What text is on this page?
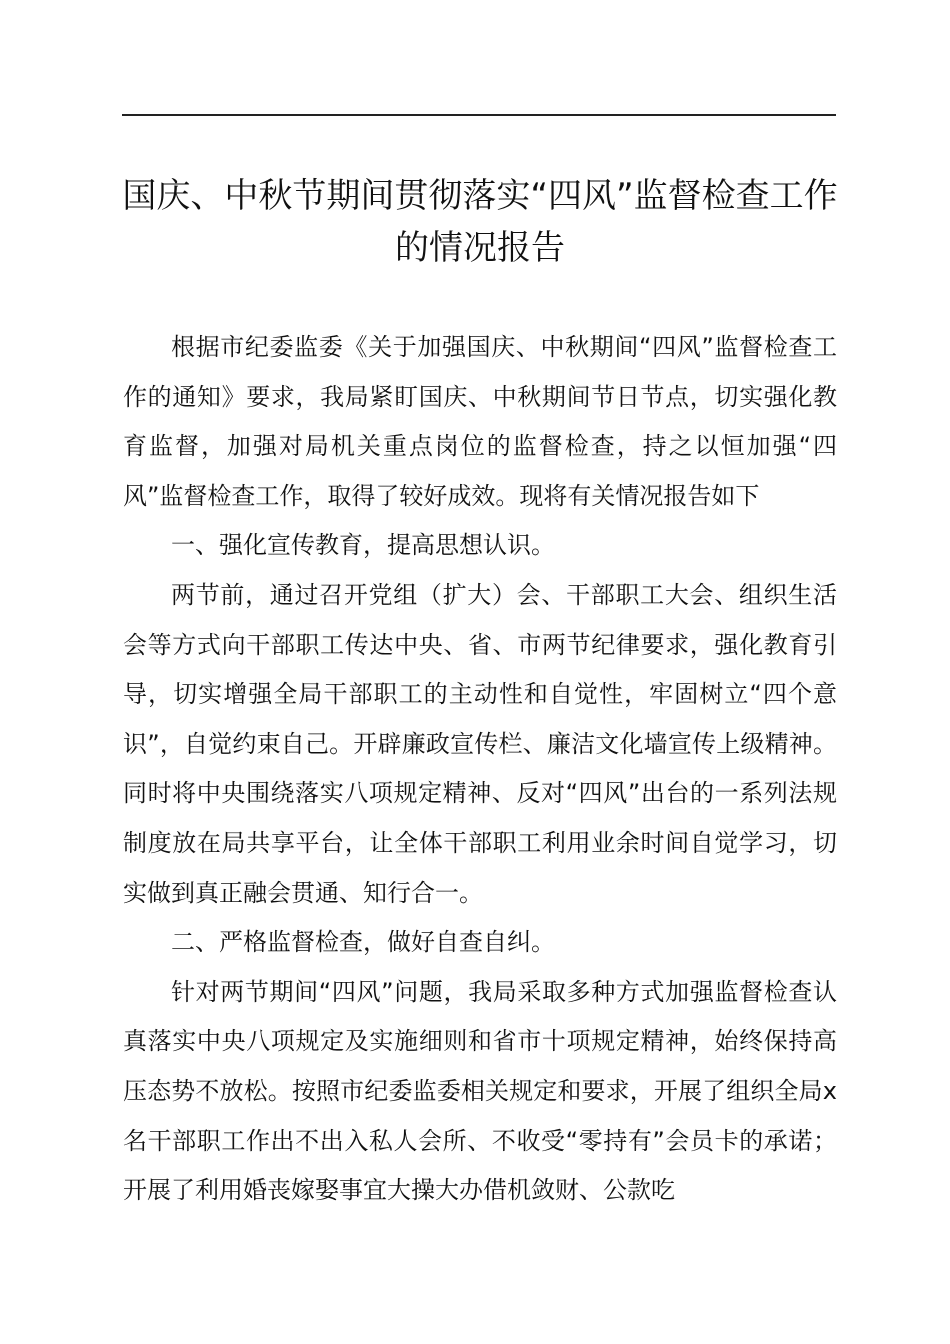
国庆、中秋节期间贯彻落实“四风”监督检查工作的情况报告

根据市纪委监委《关于加强国庆、中秋期间“四风”监督检查工作的通知》要求，我局紧盯国庆、中秋期间节日节点，切实强化教育监督，加强对局机关重点岗位的监督检查，持之以恒加强“四风”监督检查工作，取得了较好成效。现将有关情况报告如下

一、强化宣传教育，提高思想认识。

两节前，通过召开党组（扩大）会、干部职工大会、组织生活会等方式向干部职工传达中央、省、市两节纪律要求，强化教育引导，切实增强全局干部职工的主动性和自觉性，牢固树立“四个意识”，自觉约束自己。开辟廉政宣传栏、廉洁文化墙宣传上级精神。同时将中央围绕落实八项规定精神、反对“四风”出台的一系列法规制度放在局共享平台，让全体干部职工利用业余时间自觉学习，切实做到真正融会贯通、知行合一。

二、严格监督检查，做好自查自纠。

针对两节期间“四风”问题，我局采取多种方式加强监督检查认真落实中央八项规定及实施细则和省市十项规定精神，始终保持高压态势不放松。按照市纪委监委相关规定和要求，开展了组织全局x名干部职工作出不出入私人会所、不收受“零持有”会员卡的承诺；开展了利用婚丧嫁娶事宜大操大办借机敛财、公款吃
